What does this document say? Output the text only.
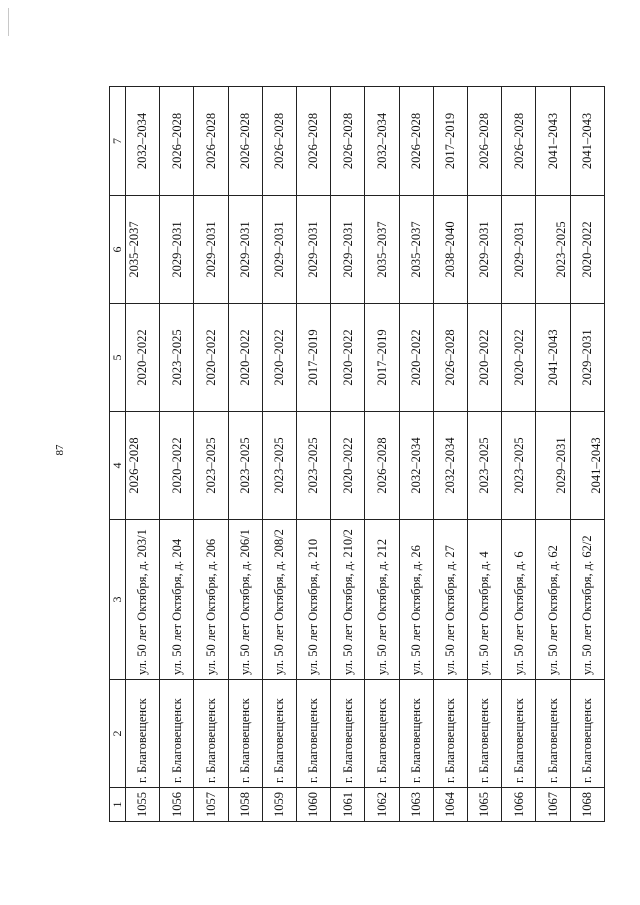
87
1	2	3	4	5	6	7
1055	г. Благовещенск	ул. 50 лет Октября, д. 203/1	2026–2028	2020–2022	2035–2037	2032–2034
1056	г. Благовещенск	ул. 50 лет Октября, д. 204	2020–2022	2023–2025	2029–2031	2026–2028
1057	г. Благовещенск	ул. 50 лет Октября, д. 206	2023–2025	2020–2022	2029–2031	2026–2028
1058	г. Благовещенск	ул. 50 лет Октября, д. 206/1	2023–2025	2020–2022	2029–2031	2026–2028
1059	г. Благовещенск	ул. 50 лет Октября, д. 208/2	2023–2025	2020–2022	2029–2031	2026–2028
1060	г. Благовещенск	ул. 50 лет Октября, д. 210	2023–2025	2017–2019	2029–2031	2026–2028
1061	г. Благовещенск	ул. 50 лет Октября, д. 210/2	2020–2022	2020–2022	2029–2031	2026–2028
1062	г. Благовещенск	ул. 50 лет Октября, д. 212	2026–2028	2017–2019	2035–2037	2032–2034
1063	г. Благовещенск	ул. 50 лет Октября, д. 26	2032–2034	2020–2022	2035–2037	2026–2028
1064	г. Благовещенск	ул. 50 лет Октября, д. 27	2032–2034	2026–2028	2038–2040	2017–2019
1065	г. Благовещенск	ул. 50 лет Октября, д. 4	2023–2025	2020–2022	2029–2031	2026–2028
1066	г. Благовещенск	ул. 50 лет Октября, д. 6	2023–2025	2020–2022	2029–2031	2026–2028
1067	г. Благовещенск	ул. 50 лет Октября, д. 62	2029–2031	2041–2043	2023–2025	2041–2043
1068	г. Благовещенск	ул. 50 лет Октября, д. 62/2	2041–2043	2029–2031	2020–2022	2041–2043
